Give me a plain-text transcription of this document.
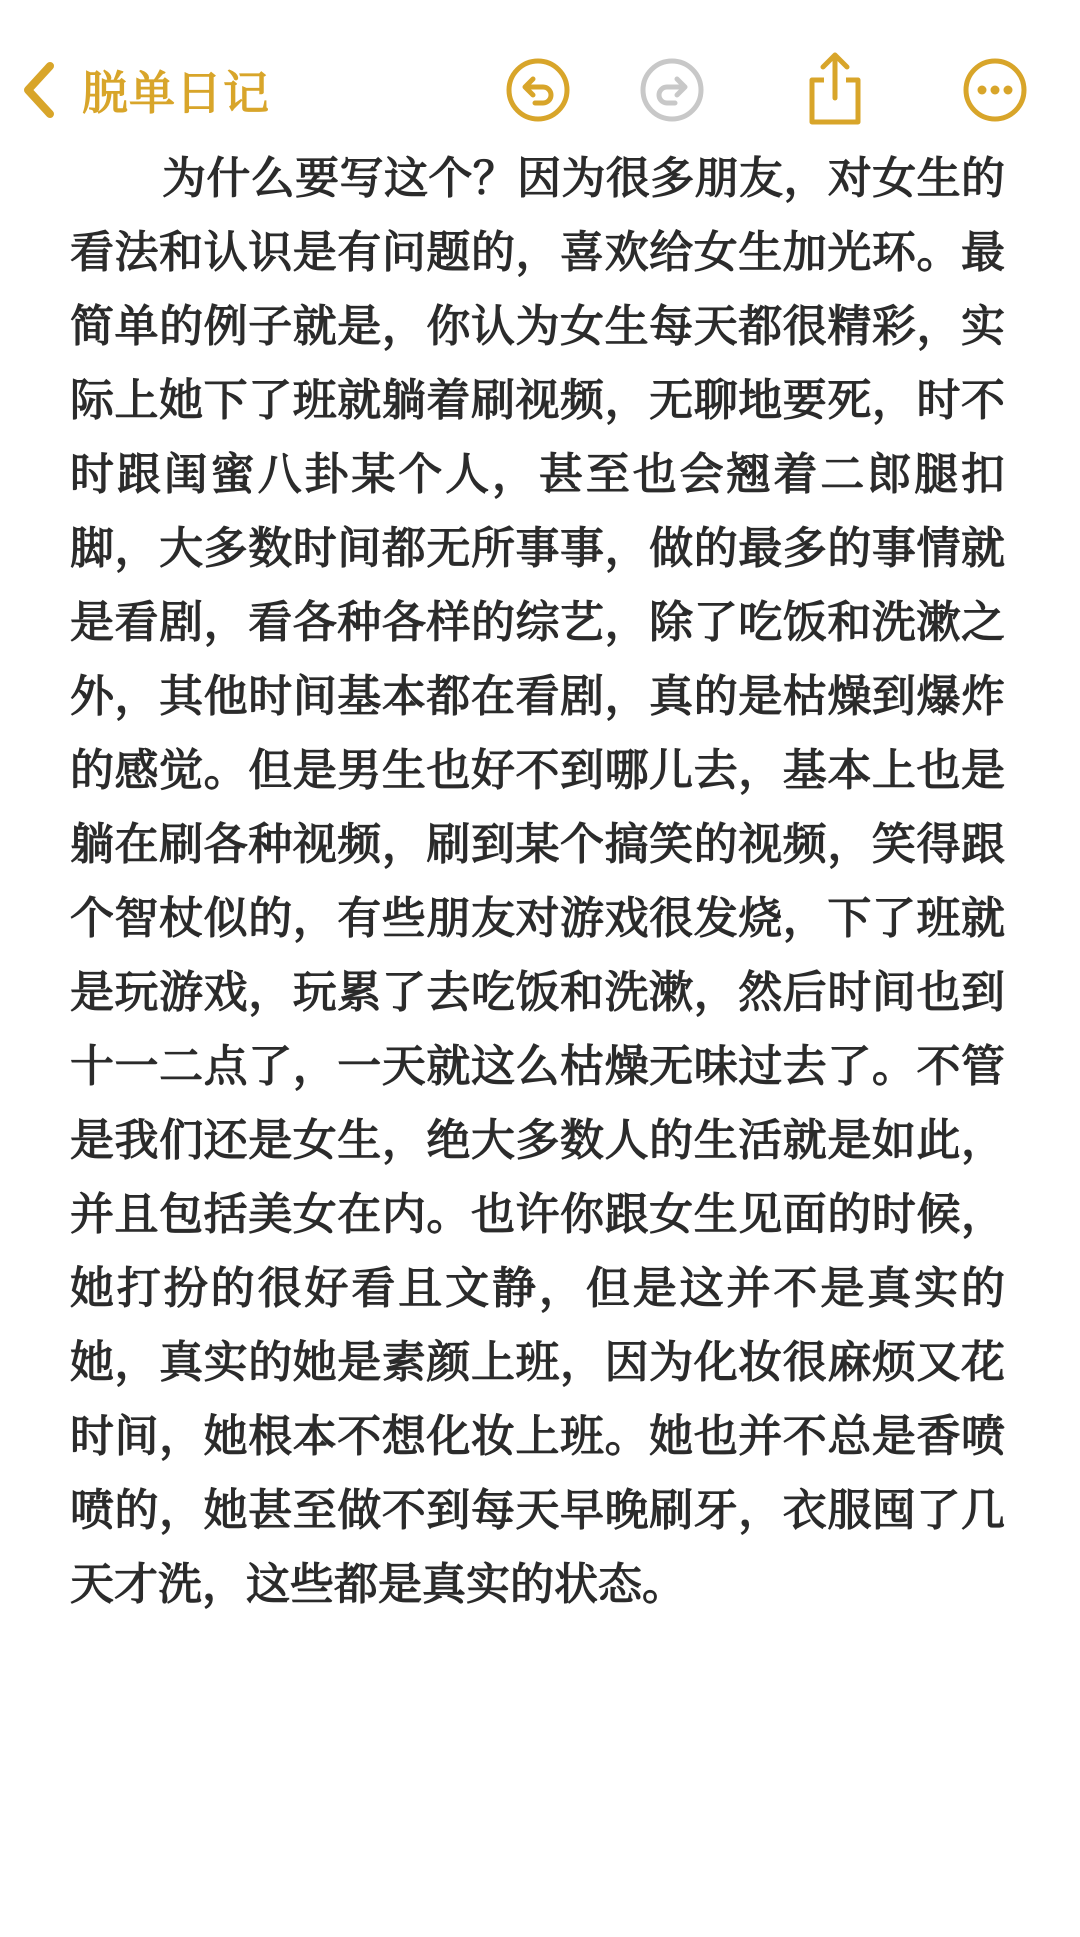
脱单日记

为什么要写这个？因为很多朋友，对女生的看法和认识是有问题的，喜欢给女生加光环。最简单的例子就是，你认为女生每天都很精彩，实际上她下了班就躺着刷视频，无聊地要死，时不时跟闺蜜八卦某个人，甚至也会翘着二郎腿扣脚，大多数时间都无所事事，做的最多的事情就是看剧，看各种各样的综艺，除了吃饭和洗漱之外，其他时间基本都在看剧，真的是枯燥到爆炸的感觉。但是男生也好不到哪儿去，基本上也是躺在刷各种视频，刷到某个搞笑的视频，笑得跟个智杖似的，有些朋友对游戏很发烧，下了班就是玩游戏，玩累了去吃饭和洗漱，然后时间也到十一二点了，一天就这么枯燥无味过去了。不管是我们还是女生，绝大多数人的生活就是如此，并且包括美女在内。也许你跟女生见面的时候，她打扮的很好看且文静，但是这并不是真实的她，真实的她是素颜上班，因为化妆很麻烦又花时间，她根本不想化妆上班。她也并不总是香喷喷的，她甚至做不到每天早晚刷牙，衣服囤了几天才洗，这些都是真实的状态。
